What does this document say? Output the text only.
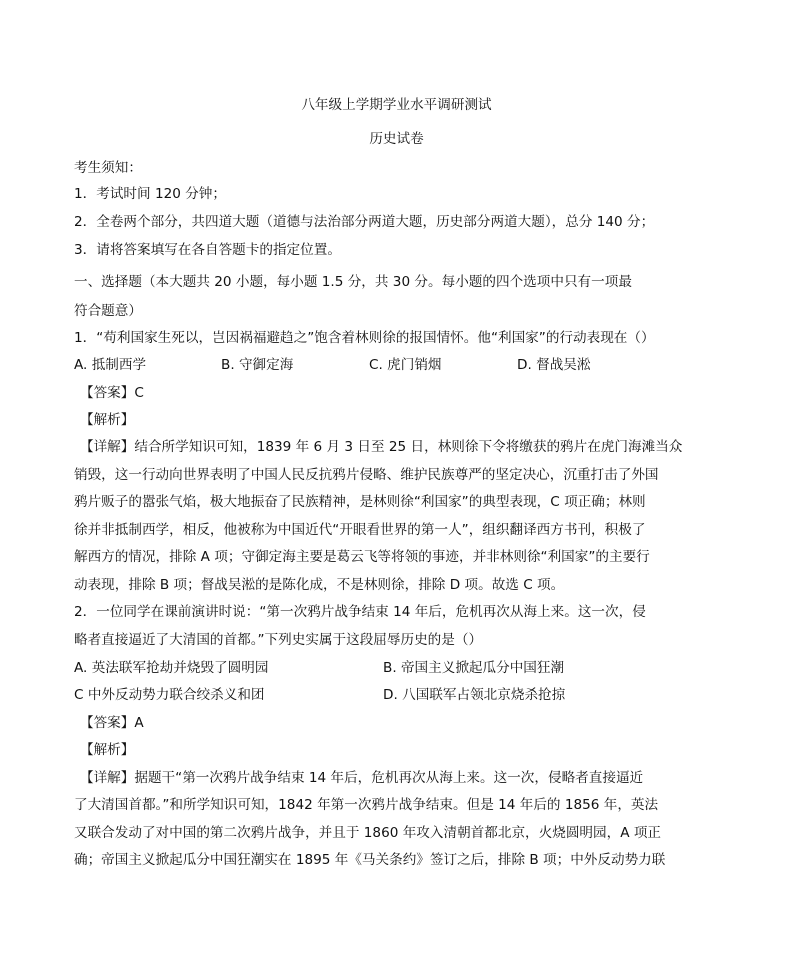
八年级上学期学业水平调研测试
历史试卷
考生须知：
1．考试时间 120 分钟；
2．全卷两个部分，共四道大题（道德与法治部分两道大题，历史部分两道大题），总分 140 分；
3．请将答案填写在各自答题卡的指定位置。
一、选择题（本大题共 20 小题，每小题 1.5 分，共 30 分。每小题的四个选项中只有一项最
符合题意）
1．“苟利国家生死以，岂因祸福避趋之”饱含着林则徐的报国情怀。他“利国家”的行动表现在（）
A. 抵制西学	B. 守御定海	C. 虎门销烟	D. 督战吴淞
【答案】C
【解析】
【详解】结合所学知识可知，1839 年 6 月 3 日至 25 日，林则徐下令将缴获的鸦片在虎门海滩当众
销毁，这一行动向世界表明了中国人民反抗鸦片侵略、维护民族尊严的坚定决心，沉重打击了外国
鸦片贩子的嚣张气焰，极大地振奋了民族精神，是林则徐“利国家”的典型表现，C 项正确；林则
徐并非抵制西学，相反，他被称为中国近代“开眼看世界的第一人”，组织翻译西方书刊，积极了
解西方的情况，排除 A 项；守御定海主要是葛云飞等将领的事迹，并非林则徐“利国家”的主要行
动表现，排除 B 项；督战吴淞的是陈化成，不是林则徐，排除 D 项。故选 C 项。
2．一位同学在课前演讲时说：“第一次鸦片战争结束 14 年后，危机再次从海上来。这一次，侵
略者直接逼近了大清国的首都。”下列史实属于这段屈辱历史的是（）
A. 英法联军抢劫并烧毁了圆明园	B. 帝国主义掀起瓜分中国狂潮
C 中外反动势力联合绞杀义和团	D. 八国联军占领北京烧杀抢掠
【答案】A
【解析】
【详解】据题干“第一次鸦片战争结束 14 年后，危机再次从海上来。这一次，侵略者直接逼近
了大清国首都。”和所学知识可知，1842 年第一次鸦片战争结束。但是 14 年后的 1856 年，英法
又联合发动了对中国的第二次鸦片战争，并且于 1860 年攻入清朝首都北京，火烧圆明园，A 项正
确；帝国主义掀起瓜分中国狂潮实在 1895 年《马关条约》签订之后，排除 B 项；中外反动势力联
